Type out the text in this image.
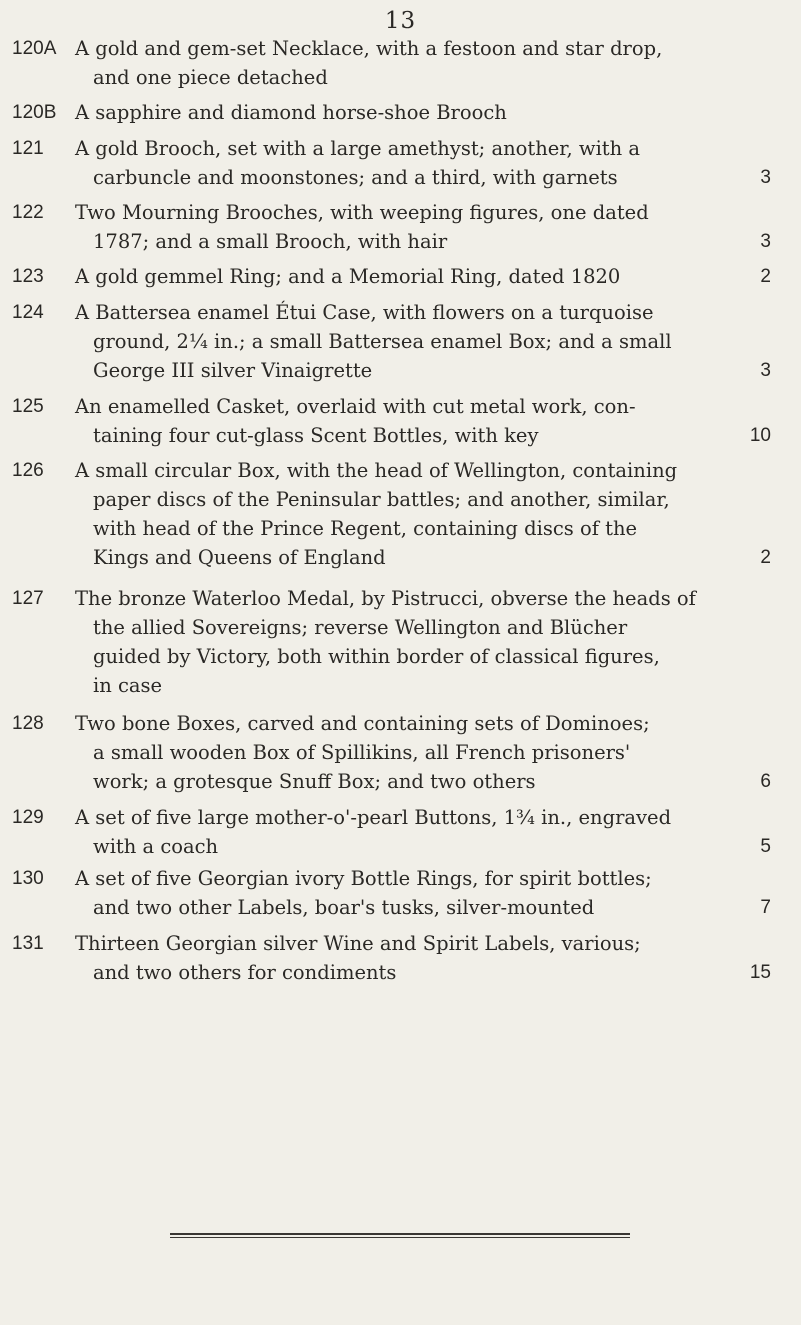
13
120A A gold and gem-set Necklace, with a festoon and star drop,
and one piece detached
120B A sapphire and diamond horse-shoe Brooch
121 A gold Brooch, set with a large amethyst; another, with a
carbuncle and moonstones; and a third, with garnets	3
122 Two Mourning Brooches, with weeping figures, one dated
1787; and a small Brooch, with hair	3
123 A gold gemmel Ring; and a Memorial Ring, dated 1820	2
124 A Battersea enamel Étui Case, with flowers on a turquoise
ground, 2¼ in.; a small Battersea enamel Box; and a small
George III silver Vinaigrette	3
125 An enamelled Casket, overlaid with cut metal work, con-
taining four cut-glass Scent Bottles, with key	10
126 A small circular Box, with the head of Wellington, containing
paper discs of the Peninsular battles; and another, similar,
with head of the Prince Regent, containing discs of the
Kings and Queens of England	2
127 The bronze Waterloo Medal, by Pistrucci, obverse the heads of
the allied Sovereigns; reverse Wellington and Blücher
guided by Victory, both within border of classical figures,
in case
128 Two bone Boxes, carved and containing sets of Dominoes;
a small wooden Box of Spillikins, all French prisoners'
work; a grotesque Snuff Box; and two others	6
129 A set of five large mother-o'-pearl Buttons, 1¾ in., engraved
with a coach	5
130 A set of five Georgian ivory Bottle Rings, for spirit bottles;
and two other Labels, boar's tusks, silver-mounted	7
131 Thirteen Georgian silver Wine and Spirit Labels, various;
and two others for condiments	15
